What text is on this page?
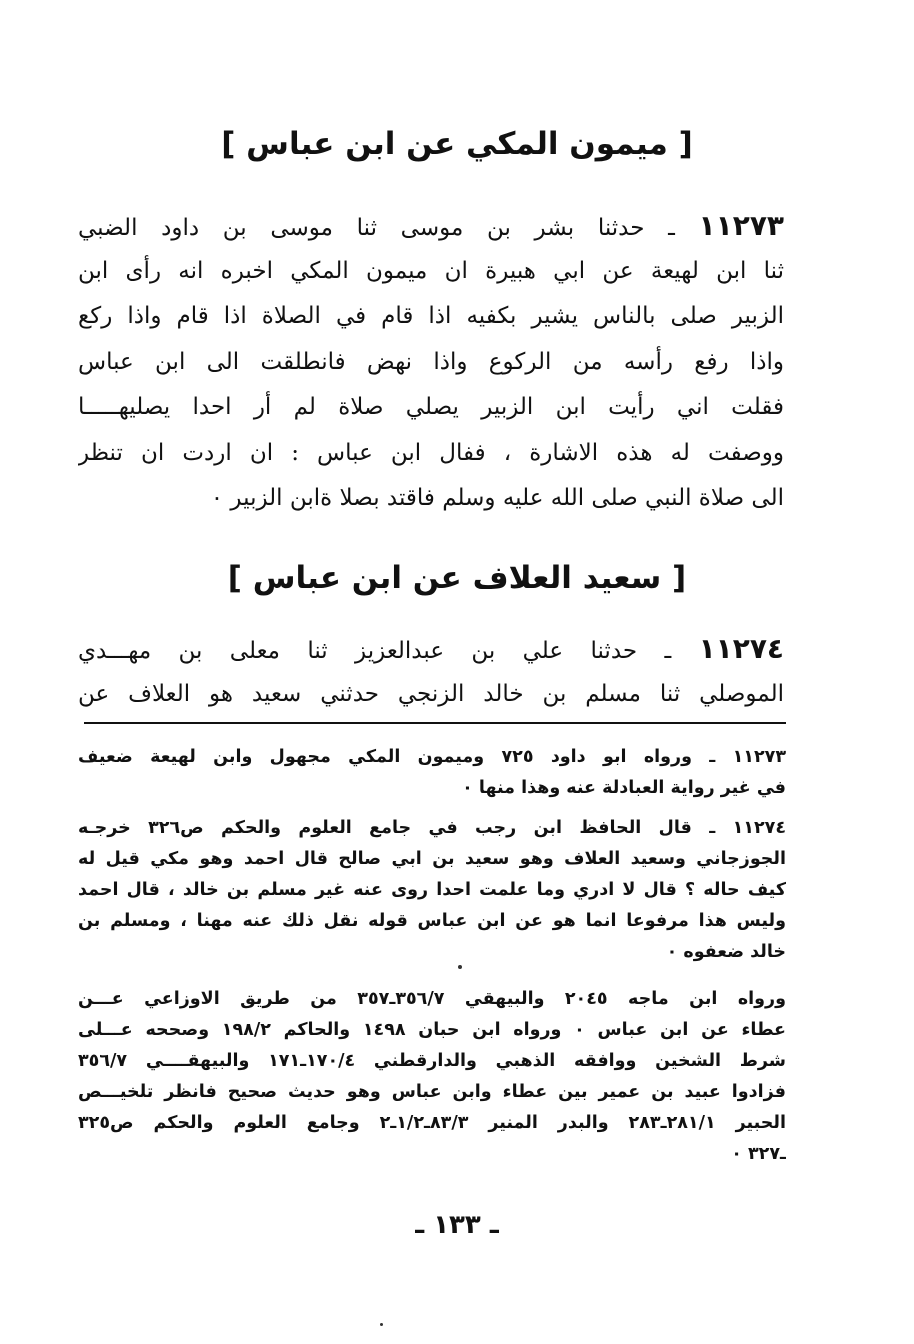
[ ميمون المكي عن ابن عباس ]
١١٢٧٣ ـ حدثنا بشر بن موسى ثنا موسى بن داود الضبي
ثنا ابن لهيعة عن ابي هبيرة ان ميمون المكي اخبره انه رأى ابن
الزبير صلى بالناس يشير بكفيه اذا قام في الصلاة اذا قام واذا ركع
واذا رفع رأسه من الركوع واذا نهض فانطلقت الى ابن عباس
فقلت اني رأيت ابن الزبير يصلي صلاة لم أر احدا يصليهـــــا
ووصفت له هذه الاشارة ، ففال ابن عباس : ان اردت ان تنظر
الى صلاة النبي صلى الله عليه وسلم فاقتد بصلا ةابن الزبير ٠
[ سعيد العلاف عن ابن عباس ]
١١٢٧٤ ـ حدثنا علي بن عبدالعزيز ثنا معلى بن مهـــدي
الموصلي ثنا مسلم بن خالد الزنجي حدثني سعيد هو العلاف عن
١١٢٧٣ ـ ورواه ابو داود ٧٢٥ وميمون المكي مجهول وابن لهيعة ضعيف
في غير رواية العبادلة عنه وهذا منها ٠
١١٢٧٤ ـ قال الحافظ ابن رجب في جامع العلوم والحكم ص٣٢٦ خرجـه
الجوزجاني وسعيد العلاف وهو سعيد بن ابي صالح قال احمد وهو مكي قيل له
كيف حاله ؟ قال لا ادري وما علمت احدا روى عنه غير مسلم بن خالد ، قال احمد
وليس هذا مرفوعا انما هو عن ابن عباس قوله نقل ذلك عنه مهنا ، ومسلم بن
خالد ضعفوه ٠
ورواه ابن ماجه ٢٠٤٥ والبيهقي ٣٥٦/٧ـ٣٥٧ من طريق الاوزاعي عـــن
عطاء عن ابن عباس ٠ ورواه ابن حبان ١٤٩٨ والحاكم ١٩٨/٢ وصححه عـــلى
شرط الشخين ووافقه الذهبي والدارقطني ١٧٠/٤ـ١٧١ والبيهقــــي ٣٥٦/٧
فزادوا عبيد بن عمير بين عطاء وابن عباس وهو حديث صحيح فانظر تلخيـــص
الحبير ٢٨١/١ـ٢٨٣ والبدر المنير ٨٣/٣ـ١/٢ـ٢ وجامع العلوم والحكم ص٣٢٥
ـ٣٢٧ ٠
ـ ١٣٣ ـ
